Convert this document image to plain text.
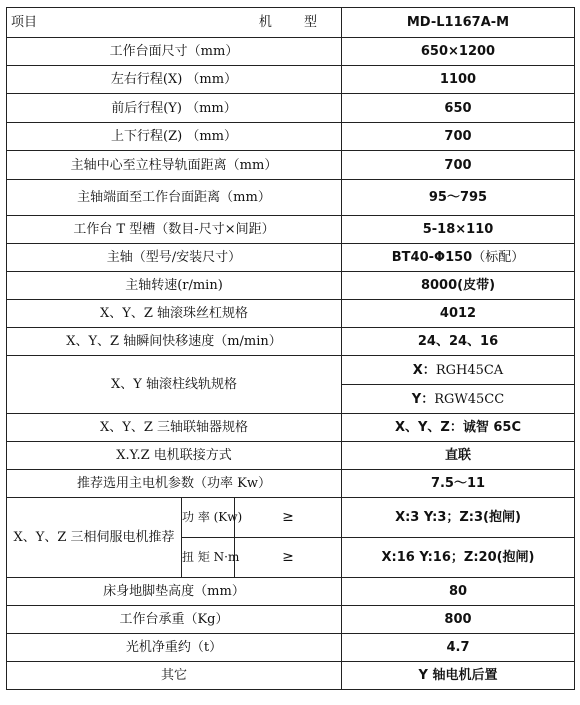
项目 机 型			MD-L1167A-M
工作台面尺寸（mm）			650×1200
左右行程(X) （mm）			1100
前后行程(Y) （mm）			650
上下行程(Z) （mm）			700
主轴中心至立柱导轨面距离（mm）			700
主轴端面至工作台面距离（mm）			95～795
工作台 T 型槽（数目-尺寸×间距）			5-18×110
主轴（型号/安装尺寸）			BT40-Φ150（标配）
主轴转速(r/min)			8000(皮带)
X、Y、Z 轴滚珠丝杠规格			4012
X、Y、Z 轴瞬间快移速度（m/min）			24、24、16
X、Y 轴滚柱线轨规格			X：RGH45CA
			Y：RGW45CC
X、Y、Z 三轴联轴器规格			X、Y、Z：诚智 65C
X.Y.Z 电机联接方式			直联
推荐选用主电机参数（功率 Kw）			7.5～11
X、Y、Z 三相伺服电机推荐	功 率 (Kw)	≥	X:3 Y:3；Z:3(抱闸)
	扭 矩 N·m	≥	X:16 Y:16；Z:20(抱闸)
床身地脚垫高度（mm）			80
工作台承重（Kg）			800
光机净重约（t）			4.7
其它			Y 轴电机后置
